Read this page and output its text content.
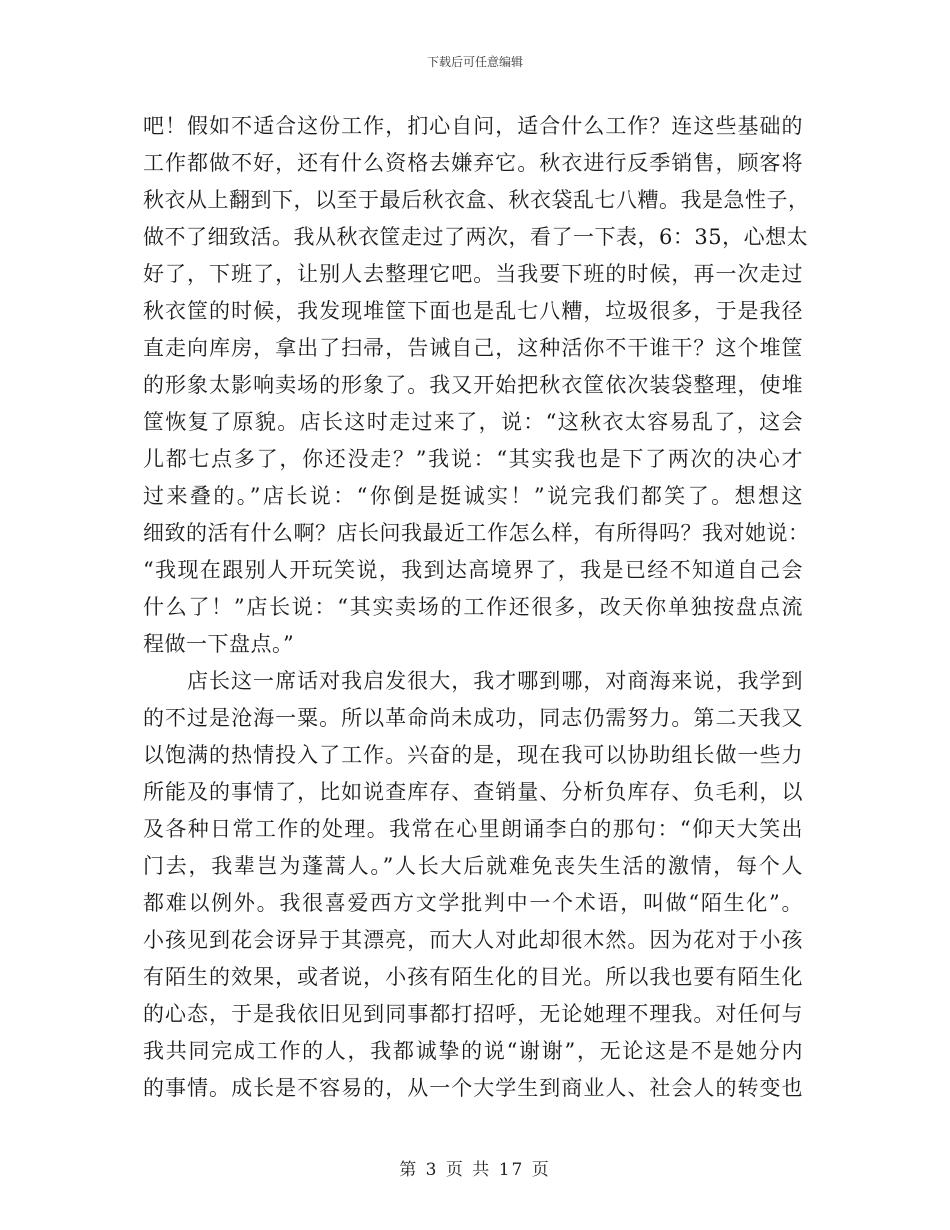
下载后可任意编辑
吧！假如不适合这份工作，扪心自问，适合什么工作？连这些基础的
工作都做不好，还有什么资格去嫌弃它。秋衣进行反季销售，顾客将
秋衣从上翻到下，以至于最后秋衣盒、秋衣袋乱七八糟。我是急性子，
做不了细致活。我从秋衣筐走过了两次，看了一下表，6：35，心想太
好了，下班了，让别人去整理它吧。当我要下班的时候，再一次走过
秋衣筐的时候，我发现堆筐下面也是乱七八糟，垃圾很多，于是我径
直走向库房，拿出了扫帚，告诫自己，这种活你不干谁干？这个堆筐
的形象太影响卖场的形象了。我又开始把秋衣筐依次装袋整理，使堆
筐恢复了原貌。店长这时走过来了，说：“这秋衣太容易乱了，这会
儿都七点多了，你还没走？”我说：“其实我也是下了两次的决心才
过来叠的。”店长说：“你倒是挺诚实！”说完我们都笑了。想想这
细致的活有什么啊？店长问我最近工作怎么样，有所得吗？我对她说：
“我现在跟别人开玩笑说，我到达高境界了，我是已经不知道自己会
什么了！”店长说：“其实卖场的工作还很多，改天你单独按盘点流
程做一下盘点。”
店长这一席话对我启发很大，我才哪到哪，对商海来说，我学到
的不过是沧海一粟。所以革命尚未成功，同志仍需努力。第二天我又
以饱满的热情投入了工作。兴奋的是，现在我可以协助组长做一些力
所能及的事情了，比如说查库存、查销量、分析负库存、负毛利，以
及各种日常工作的处理。我常在心里朗诵李白的那句：“仰天大笑出
门去，我辈岂为蓬蒿人。”人长大后就难免丧失生活的激情，每个人
都难以例外。我很喜爱西方文学批判中一个术语，叫做“陌生化”。
小孩见到花会讶异于其漂亮，而大人对此却很木然。因为花对于小孩
有陌生的效果，或者说，小孩有陌生化的目光。所以我也要有陌生化
的心态，于是我依旧见到同事都打招呼，无论她理不理我。对任何与
我共同完成工作的人，我都诚挚的说“谢谢”，无论这是不是她分内
的事情。成长是不容易的，从一个大学生到商业人、社会人的转变也
第 3 页 共 17 页
